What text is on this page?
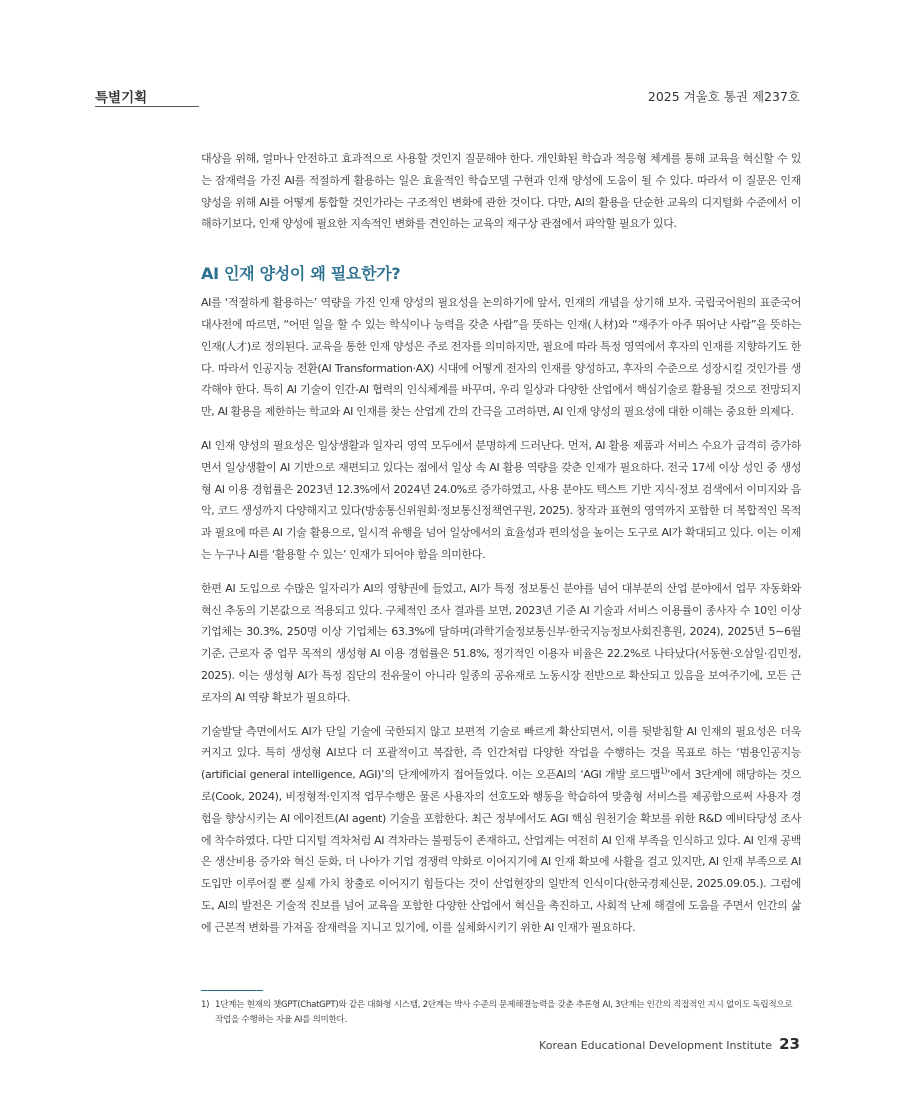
특별기획	2025 겨울호 통권 제237호

대상을 위해, 얼마나 안전하고 효과적으로 사용할 것인지 질문해야 한다. 개인화된 학습과 적응형 체계를 통해 교육을 혁신할 수 있는 잠재력을 가진 AI를 적절하게 활용하는 일은 효율적인 학습모델 구현과 인재 양성에 도움이 될 수 있다. 따라서 이 질문은 인재 양성을 위해 AI를 어떻게 통합할 것인가라는 구조적인 변화에 관한 것이다. 다만, AI의 활용을 단순한 교육의 디지털화 수준에서 이해하기보다, 인재 양성에 필요한 지속적인 변화를 견인하는 교육의 재구상 관점에서 파악할 필요가 있다.

AI 인재 양성이 왜 필요한가?

AI를 ‘적절하게 활용하는’ 역량을 가진 인재 양성의 필요성을 논의하기에 앞서, 인재의 개념을 상기해 보자. 국립국어원의 표준국어대사전에 따르면, “어떤 일을 할 수 있는 학식이나 능력을 갖춘 사람”을 뜻하는 인재(人材)와 “재주가 아주 뛰어난 사람”을 뜻하는 인재(人才)로 정의된다. 교육을 통한 인재 양성은 주로 전자를 의미하지만, 필요에 따라 특정 영역에서 후자의 인재를 지향하기도 한다. 따라서 인공지능 전환(AI Transformation·AX) 시대에 어떻게 전자의 인재를 양성하고, 후자의 수준으로 성장시킬 것인가를 생각해야 한다. 특히 AI 기술이 인간-AI 협력의 인식체계를 바꾸며, 우리 일상과 다양한 산업에서 핵심기술로 활용될 것으로 전망되지만, AI 활용을 제한하는 학교와 AI 인재를 찾는 산업계 간의 간극을 고려하면, AI 인재 양성의 필요성에 대한 이해는 중요한 의제다.

AI 인재 양성의 필요성은 일상생활과 일자리 영역 모두에서 분명하게 드러난다. 먼저, AI 활용 제품과 서비스 수요가 급격히 증가하면서 일상생활이 AI 기반으로 재편되고 있다는 점에서 일상 속 AI 활용 역량을 갖춘 인재가 필요하다. 전국 17세 이상 성인 중 생성형 AI 이용 경험률은 2023년 12.3%에서 2024년 24.0%로 증가하였고, 사용 분야도 텍스트 기반 지식·정보 검색에서 이미지와 음악, 코드 생성까지 다양해지고 있다(방송통신위원회·정보통신정책연구원, 2025). 창작과 표현의 영역까지 포함한 더 복합적인 목적과 필요에 따른 AI 기술 활용으로, 일시적 유행을 넘어 일상에서의 효율성과 편의성을 높이는 도구로 AI가 확대되고 있다. 이는 이제는 누구나 AI를 ‘활용할 수 있는’ 인재가 되어야 함을 의미한다.

한편 AI 도입으로 수많은 일자리가 AI의 영향권에 들었고, AI가 특정 정보통신 분야를 넘어 대부분의 산업 분야에서 업무 자동화와 혁신 추동의 기본값으로 적용되고 있다. 구체적인 조사 결과를 보면, 2023년 기준 AI 기술과 서비스 이용률이 종사자 수 10인 이상 기업체는 30.3%, 250명 이상 기업체는 63.3%에 달하며(과학기술정보통신부·한국지능정보사회진흥원, 2024), 2025년 5∼6월 기준, 근로자 중 업무 목적의 생성형 AI 이용 경험률은 51.8%, 정기적인 이용자 비율은 22.2%로 나타났다(서동현·오삼일·김민정, 2025). 이는 생성형 AI가 특정 집단의 전유물이 아니라 일종의 공유재로 노동시장 전반으로 확산되고 있음을 보여주기에, 모든 근로자의 AI 역량 확보가 필요하다.

기술발달 측면에서도 AI가 단일 기술에 국한되지 않고 보편적 기술로 빠르게 확산되면서, 이를 뒷받침할 AI 인재의 필요성은 더욱 커지고 있다. 특히 생성형 AI보다 더 포괄적이고 복잡한, 즉 인간처럼 다양한 작업을 수행하는 것을 목표로 하는 ‘범용인공지능(artificial general intelligence, AGI)’의 단계에까지 접어들었다. 이는 오픈AI의 ‘AGI 개발 로드맵$^{1)}$’에서 3단계에 해당하는 것으로(Cook, 2024), 비정형적·인지적 업무수행은 물론 사용자의 선호도와 행동을 학습하여 맞춤형 서비스를 제공함으로써 사용자 경험을 향상시키는 AI 에이전트(AI agent) 기술을 포함한다. 최근 정부에서도 AGI 핵심 원천기술 확보를 위한 R&D 예비타당성 조사에 착수하였다. 다만 디지털 격차처럼 AI 격차라는 불평등이 존재하고, 산업계는 여전히 AI 인재 부족을 인식하고 있다. AI 인재 공백은 생산비용 증가와 혁신 둔화, 더 나아가 기업 경쟁력 약화로 이어지기에 AI 인재 확보에 사활을 걸고 있지만, AI 인재 부족으로 AI 도입만 이루어질 뿐 실제 가치 창출로 이어지기 힘들다는 것이 산업현장의 일반적 인식이다(한국경제신문, 2025.09.05.). 그럼에도, AI의 발전은 기술적 진보를 넘어 교육을 포함한 다양한 산업에서 혁신을 촉진하고, 사회적 난제 해결에 도움을 주면서 인간의 삶에 근본적 변화를 가져올 잠재력을 지니고 있기에, 이를 실체화시키기 위한 AI 인재가 필요하다.

1) 1단계는 현재의 챗GPT(ChatGPT)와 같은 대화형 시스템, 2단계는 박사 수준의 문제해결능력을 갖춘 추론형 AI, 3단계는 인간의 직접적인 지시 없이도 독립적으로 작업을 수행하는 자율 AI를 의미한다.
Korean Educational Development Institute 23
